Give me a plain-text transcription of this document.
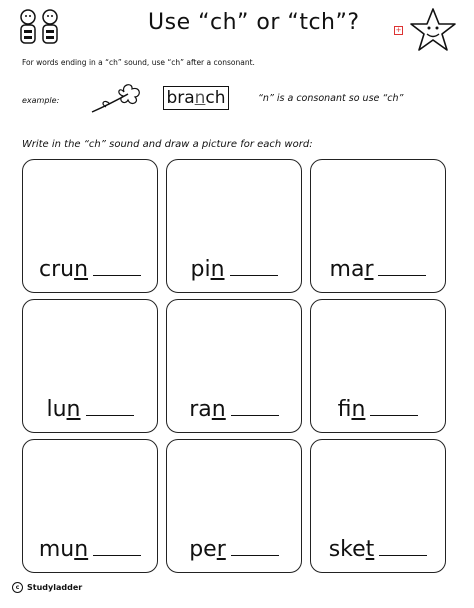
Use “ch” or “tch”?	+
For words ending in a “ch” sound, use “ch” after a consonant.
example:	branch	“n” is a consonant so use “ch”
Write in the “ch” sound and draw a picture for each word:
crun	pin	mar
lun	ran	fin
mun	per	sket
c Studyladder
